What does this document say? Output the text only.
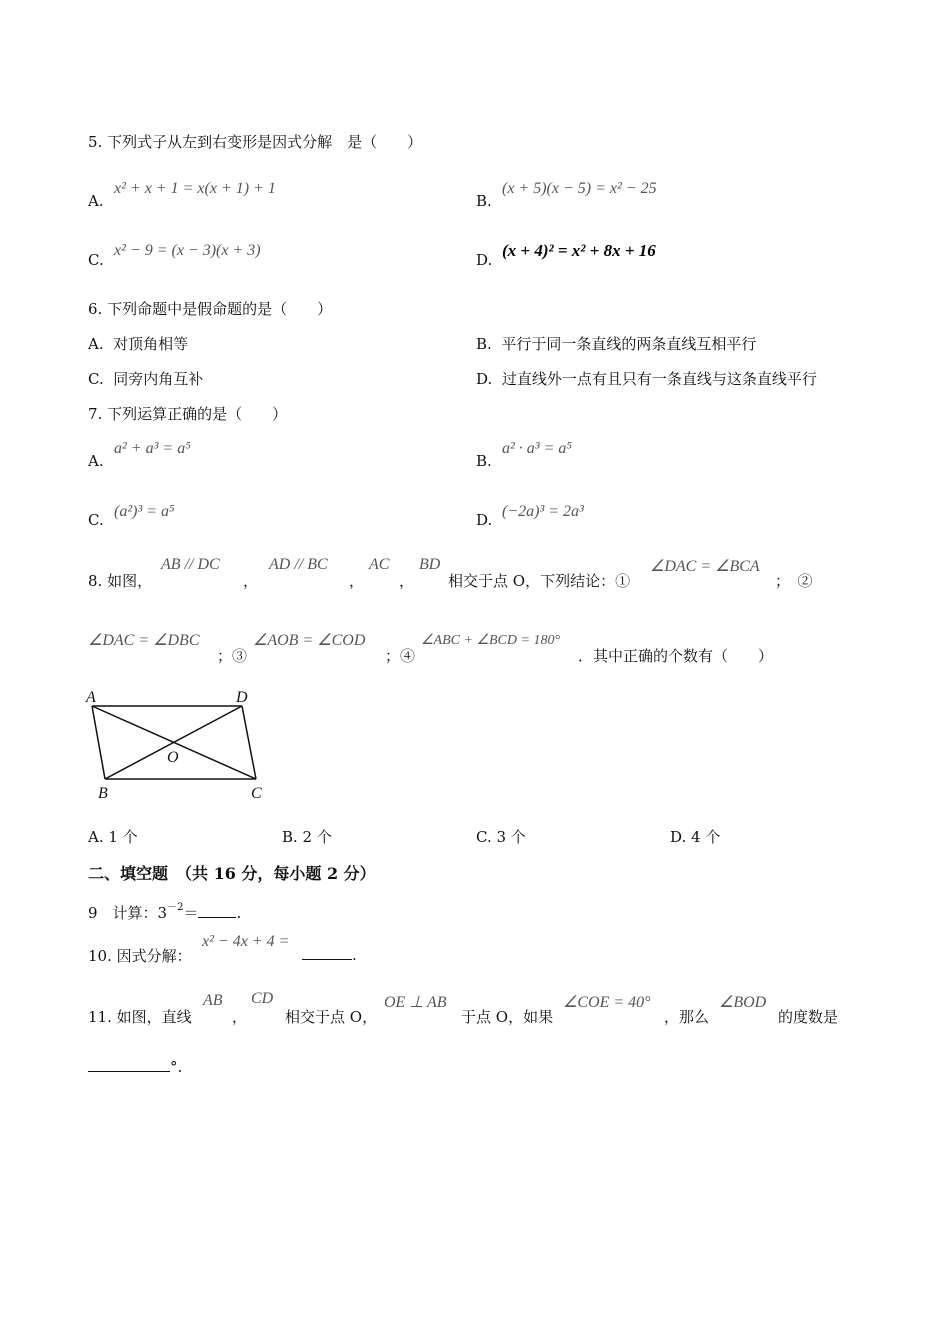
5. 下列式子从左到右变形是因式分解　是（　　）
A.
x² + x + 1 = x(x + 1) + 1
B.
(x + 5)(x − 5) = x² − 25
C.
x² − 9 = (x − 3)(x + 3)
D. (x + 4)² = x² + 8x + 16
6. 下列命题中是假命题的是（　　）
A. 对顶角相等	B. 平行于同一条直线的两条直线互相平行
C. 同旁内角互补	D. 过直线外一点有且只有一条直线与这条直线平行
7. 下列运算正确的是（　　）
A.
a² + a³ = a⁵
B.
a² · a³ = a⁵
C. (a²)³ = a⁵	D. (−2a)³ = 2a³
8. 如图，
AB // DC
，
AD // BC
，
AC
，
BD
相交于点 O，下列结论：①
∠DAC = ∠BCA
；　②
∠DAC = ∠DBC
；③
∠AOB = ∠COD
；④
∠ABC + ∠BCD = 180°
．其中正确的个数有（　　）
A	D
O
B	C
A. 1 个	B. 2 个	C. 3 个	D. 4 个
二、填空题　（共 16 分，每小题 2 分）
9　计算：$3^{-2}=$	.
10. 因式分解：
x² − 4x + 4 =
.
11. 如图，直线
AB
，
CD
相交于点 O，
OE ⊥ AB
于点 O，如果
∠COE = 40°
，那么
∠BOD
的度数是
°.
